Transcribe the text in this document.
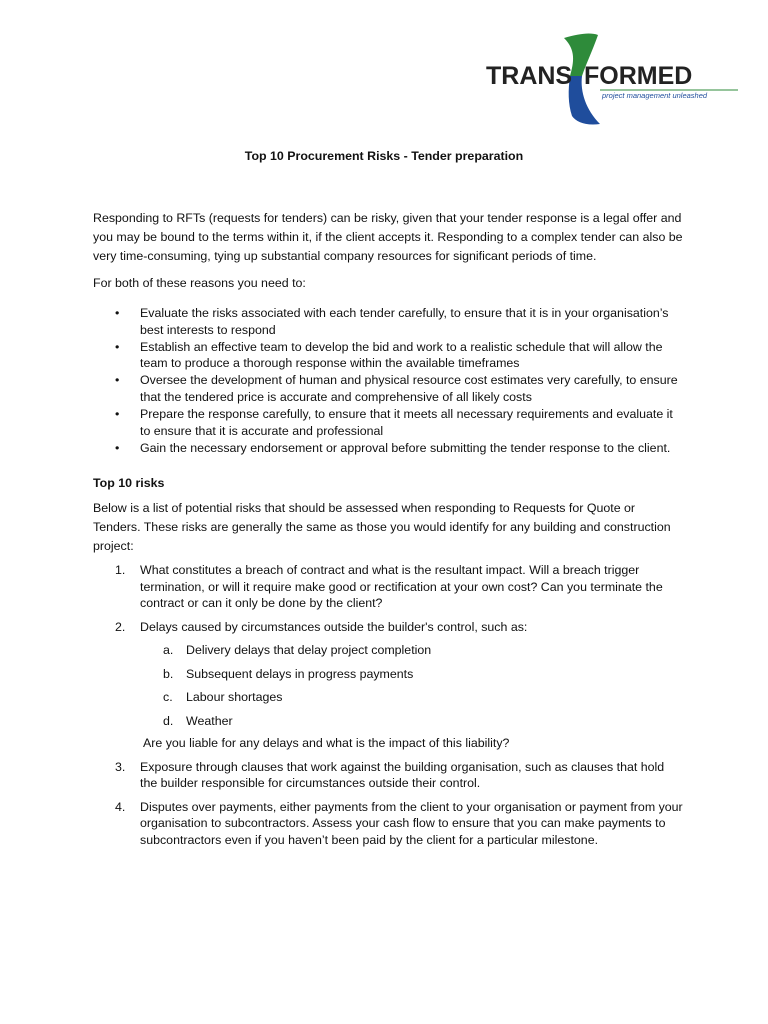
TRANS FORMED
project management unleashed
Top 10 Procurement Risks - Tender preparation

Responding to RFTs (requests for tenders) can be risky, given that your tender response is a legal offer and you may be bound to the terms within it, if the client accepts it. Responding to a complex tender can also be very time-consuming, tying up substantial company resources for significant periods of time.

For both of these reasons you need to:

• Evaluate the risks associated with each tender carefully, to ensure that it is in your organisation’s best interests to respond
• Establish an effective team to develop the bid and work to a realistic schedule that will allow the team to produce a thorough response within the available timeframes
• Oversee the development of human and physical resource cost estimates very carefully, to ensure that the tendered price is accurate and comprehensive of all likely costs
• Prepare the response carefully, to ensure that it meets all necessary requirements and evaluate it to ensure that it is accurate and professional
• Gain the necessary endorsement or approval before submitting the tender response to the client.

Top 10 risks

Below is a list of potential risks that should be assessed when responding to Requests for Quote or Tenders. These risks are generally the same as those you would identify for any building and construction project:

1. What constitutes a breach of contract and what is the resultant impact. Will a breach trigger termination, or will it require make good or rectification at your own cost? Can you terminate the contract or can it only be done by the client?
2. Delays caused by circumstances outside the builder's control, such as:
a. Delivery delays that delay project completion
b. Subsequent delays in progress payments
c. Labour shortages
d. Weather

Are you liable for any delays and what is the impact of this liability?

3. Exposure through clauses that work against the building organisation, such as clauses that hold the builder responsible for circumstances outside their control.
4. Disputes over payments, either payments from the client to your organisation or payment from your organisation to subcontractors. Assess your cash flow to ensure that you can make payments to subcontractors even if you haven’t been paid by the client for a particular milestone.
